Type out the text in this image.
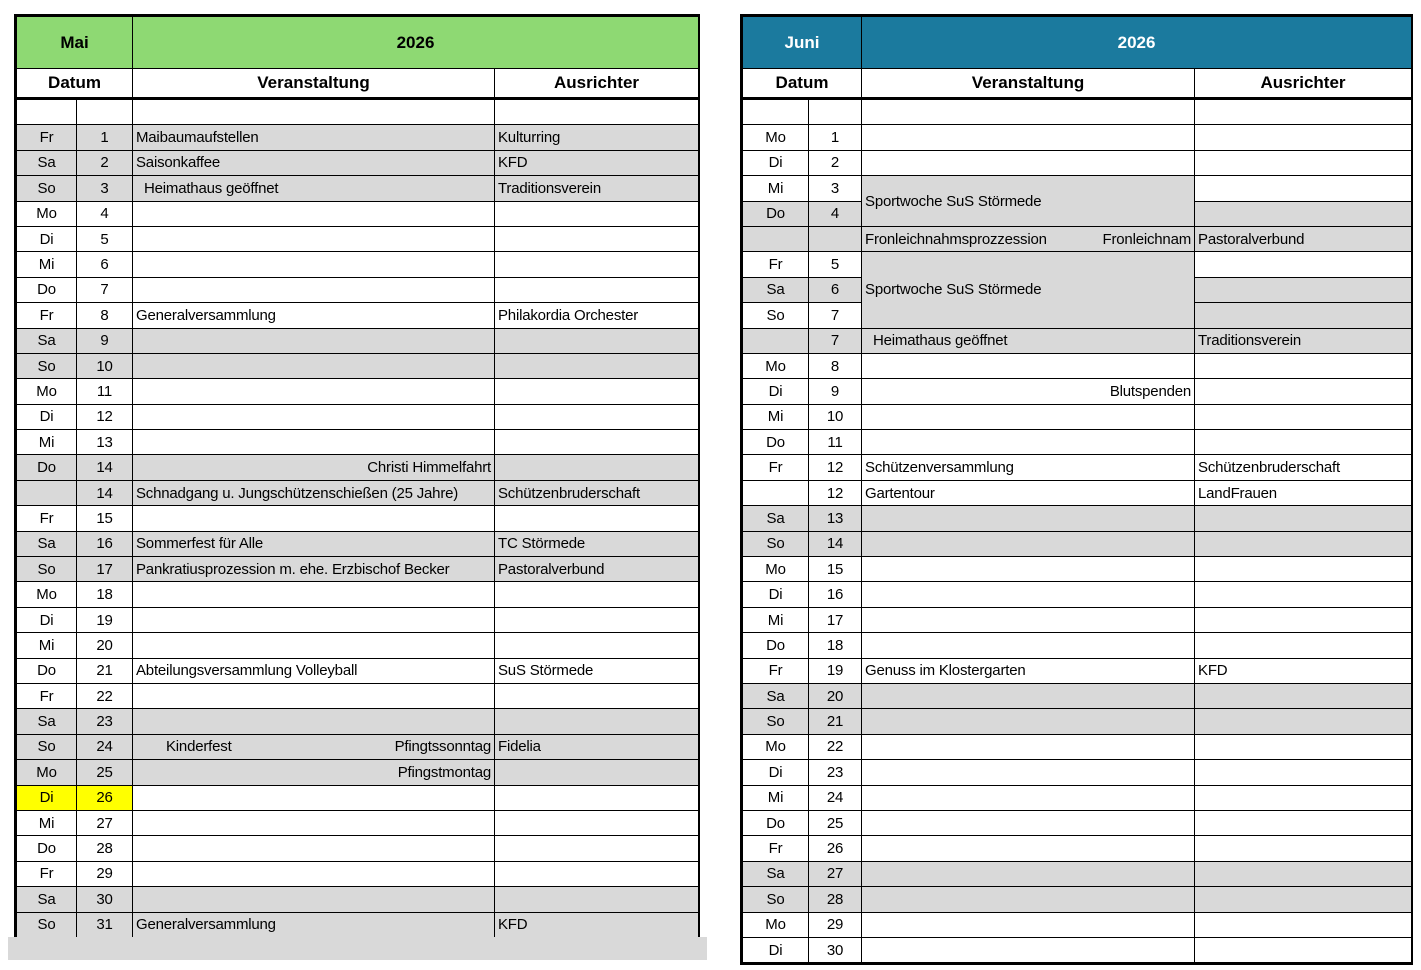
Mai		2026	
Datum		Veranstaltung	Ausrichter

Fr	1	Maibaumaufstellen	Kulturring
Sa	2	Saisonkaffee	KFD
So	3	Heimathaus geöffnet	Traditionsverein
Mo	4	

Di	5	

Mi	6	

Do	7	

Fr	8	Generalversammlung	Philakordia Orchester
Sa	9	

So	10	

Mo	11	

Di	12	

Mi	13	

Do	14	Christi Himmelfahrt	

	14	Schnadgang u. Jungschützenschießen (25 Jahre)	Schützenbruderschaft
Fr	15	

Sa	16	Sommerfest für Alle	TC Störmede
So	17	Pankratiusprozession m. ehe. Erzbischof Becker	Pastoralverbund
Mo	18	

Di	19	

Mi	20	

Do	21	Abteilungsversammlung Volleyball	SuS Störmede
Fr	22	

Sa	23	

So	24	Kinderfest Pfingtssonntag	Fidelia
Mo	25	Pfingstmontag	

Di	26	

Mi	27	

Do	28	

Fr	29	

Sa	30	

So	31	Generalversammlung	KFD
Juni		2026	
Datum		Veranstaltung	Ausrichter

Mo	1	

Di	2	

Mi	3	Sportwoche SuS Störmede	

Do	4		

		Fronleichnahmsprozzession Fronleichnam	Pastoralverbund
Fr	5	Sportwoche SuS Störmede	

Sa	6		
So	7		
	7	Heimathaus geöffnet	Traditionsverein
Mo	8	

Di	9	Blutspenden	

Mi	10	

Do	11	

Fr	12	Schützenversammlung	Schützenbruderschaft
	12	Gartentour	LandFrauen
Sa	13	

So	14	

Mo	15	

Di	16	

Mi	17	

Do	18	

Fr	19	Genuss im Klostergarten	KFD
Sa	20	

So	21	

Mo	22	

Di	23	

Mi	24	

Do	25	

Fr	26	

Sa	27	

So	28	

Mo	29	

Di	30	
